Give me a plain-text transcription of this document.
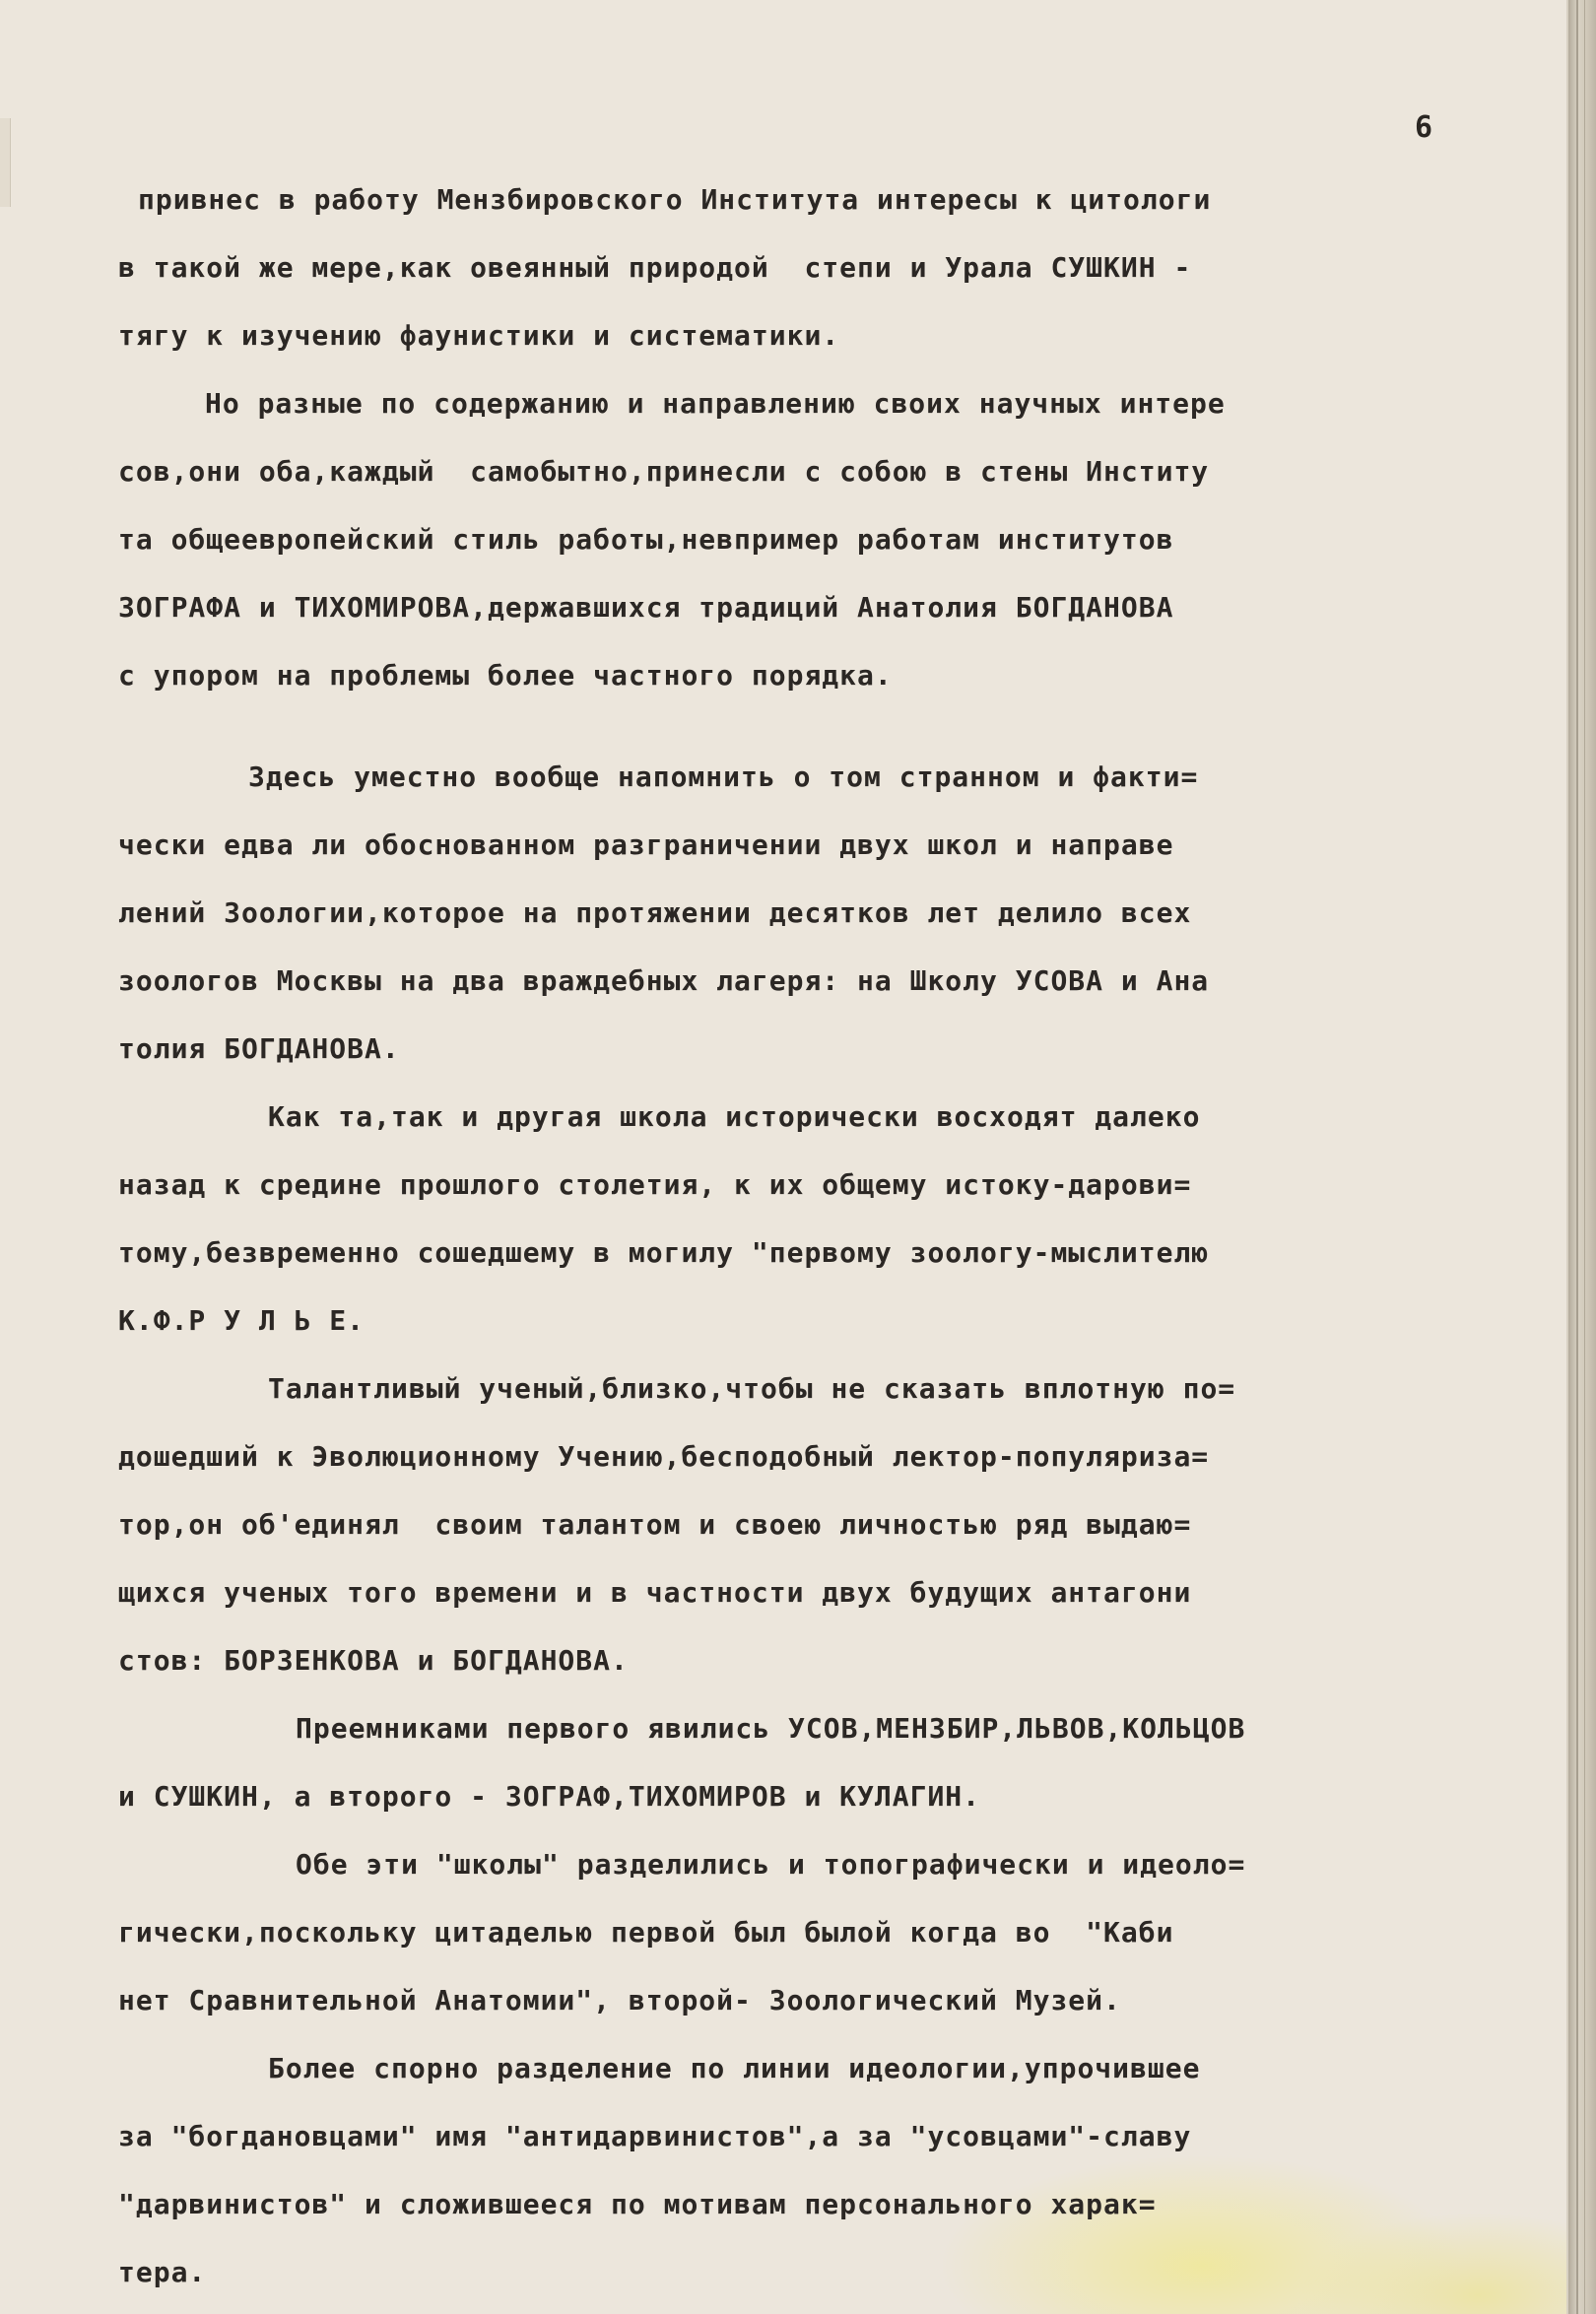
6
привнес в работу Мензбировского Института интересы к цитологи
в такой же мере,как овеянный природой  степи и Урала СУШКИН -
тягу к изучению фаунистики и систематики.
Но разные по содержанию и направлению своих научных интере
сов,они оба,каждый  самобытно,принесли с собою в стены Институ
та общеевропейский стиль работы,невпример работам институтов
ЗОГРАФА и ТИХОМИРОВА,державшихся традиций Анатолия БОГДАНОВА
с упором на проблемы более частного порядка.
Здесь уместно вообще напомнить о том странном и факти=
чески едва ли обоснованном разграничении двух школ и направе
лений Зоологии,которое на протяжении десятков лет делило всех
зоологов Москвы на два враждебных лагеря: на Школу УСОВА и Ана
толия БОГДАНОВА.
Как та,так и другая школа исторически восходят далеко
назад к средине прошлого столетия, к их общему истоку-дарови=
тому,безвременно сошедшему в могилу "первому зоологу-мыслителю
К.Ф.Р У Л Ь Е.
Талантливый ученый,близко,чтобы не сказать вплотную по=
дошедший к Эволюционному Учению,бесподобный лектор-популяриза=
тор,он об'единял  своим талантом и своею личностью ряд выдаю=
щихся ученых того времени и в частности двух будущих антагони
стов: БОРЗЕНКОВА и БОГДАНОВА.
Преемниками первого явились УСОВ,МЕНЗБИР,ЛЬВОВ,КОЛЬЦОВ
и СУШКИН, а второго - ЗОГРАФ,ТИХОМИРОВ и КУЛАГИН.
Обе эти "школы" разделились и топографически и идеоло=
гически,поскольку цитаделью первой был былой когда во  "Каби
нет Сравнительной Анатомии", второй- Зоологический Музей.
Более спорно разделение по линии идеологии,упрочившее
за "богдановцами" имя "антидарвинистов",а за "усовцами"-славу
"дарвинистов" и сложившееся по мотивам персонального харак=
тера.
